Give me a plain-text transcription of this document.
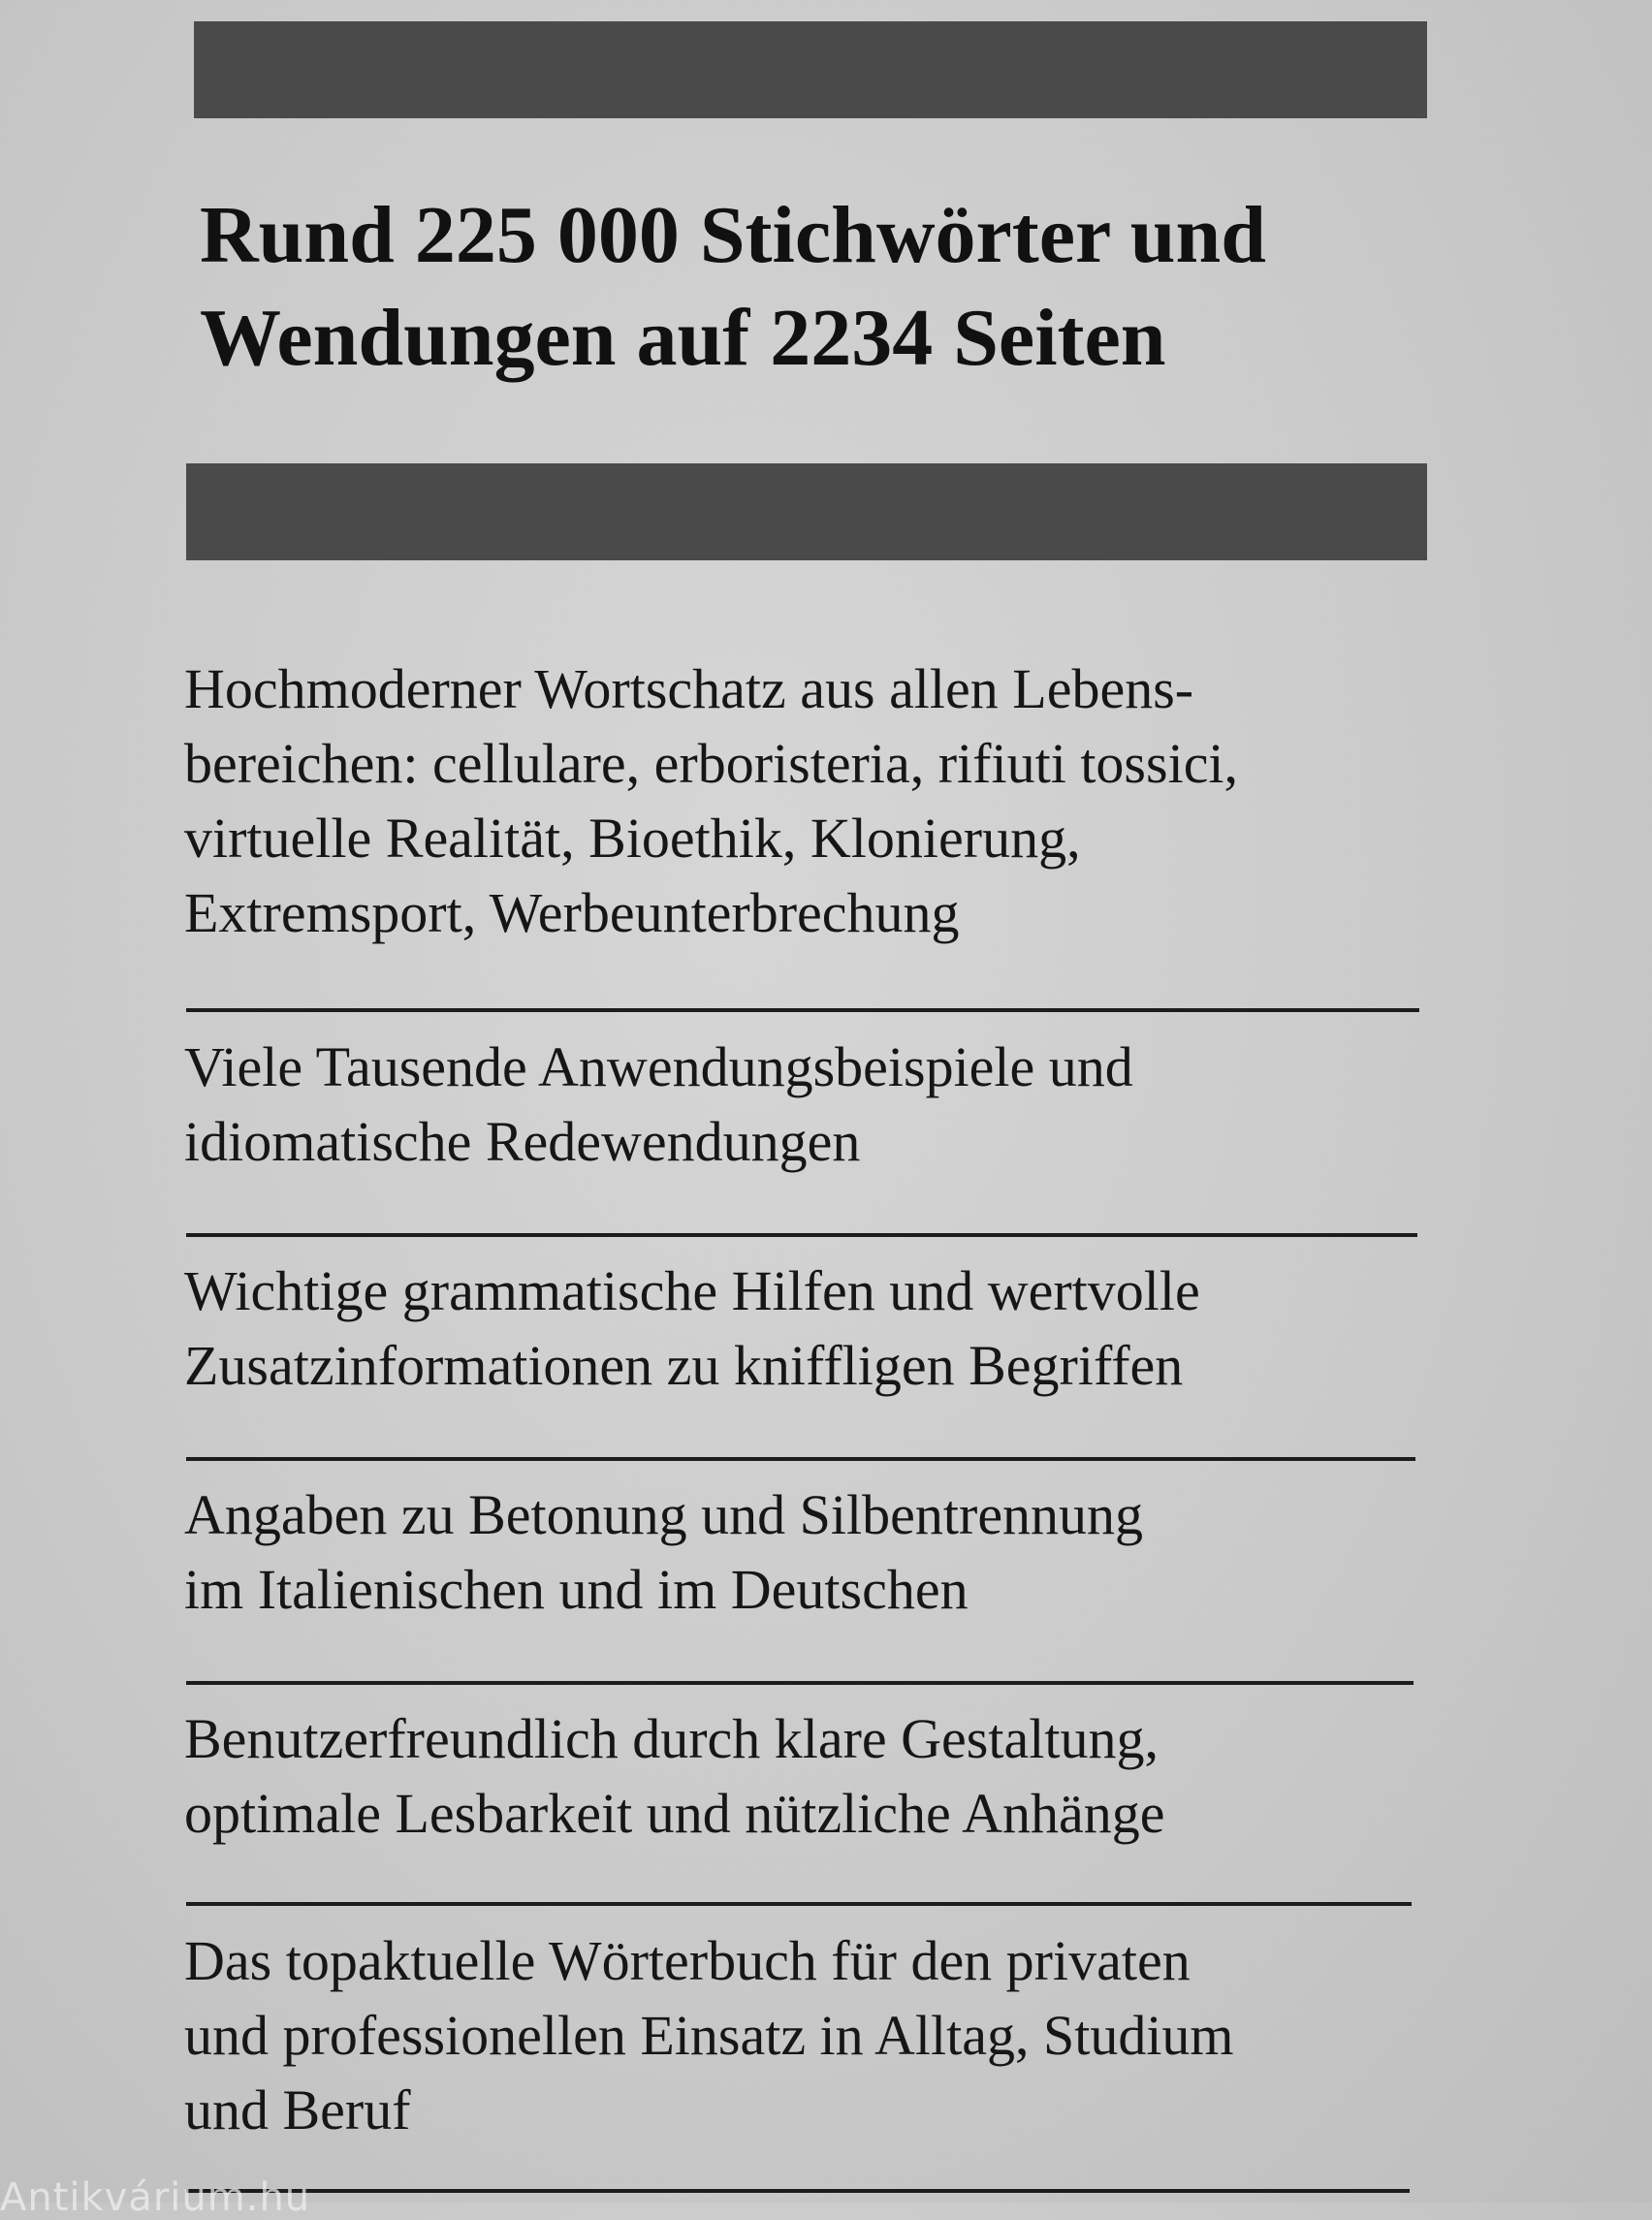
Rund 225 000 Stichwörter und
Wendungen auf 2234 Seiten

Hochmoderner Wortschatz aus allen Lebens-
bereichen: cellulare, erboristeria, rifiuti tossici,
virtuelle Realität, Bioethik, Klonierung,
Extremsport, Werbeunterbrechung

Viele Tausende Anwendungsbeispiele und
idiomatische Redewendungen

Wichtige grammatische Hilfen und wertvolle
Zusatzinformationen zu kniffligen Begriffen

Angaben zu Betonung und Silbentrennung
im Italienischen und im Deutschen

Benutzerfreundlich durch klare Gestaltung,
optimale Lesbarkeit und nützliche Anhänge

Das topaktuelle Wörterbuch für den privaten
und professionellen Einsatz in Alltag, Studium
und Beruf

Antikvárium.hu
